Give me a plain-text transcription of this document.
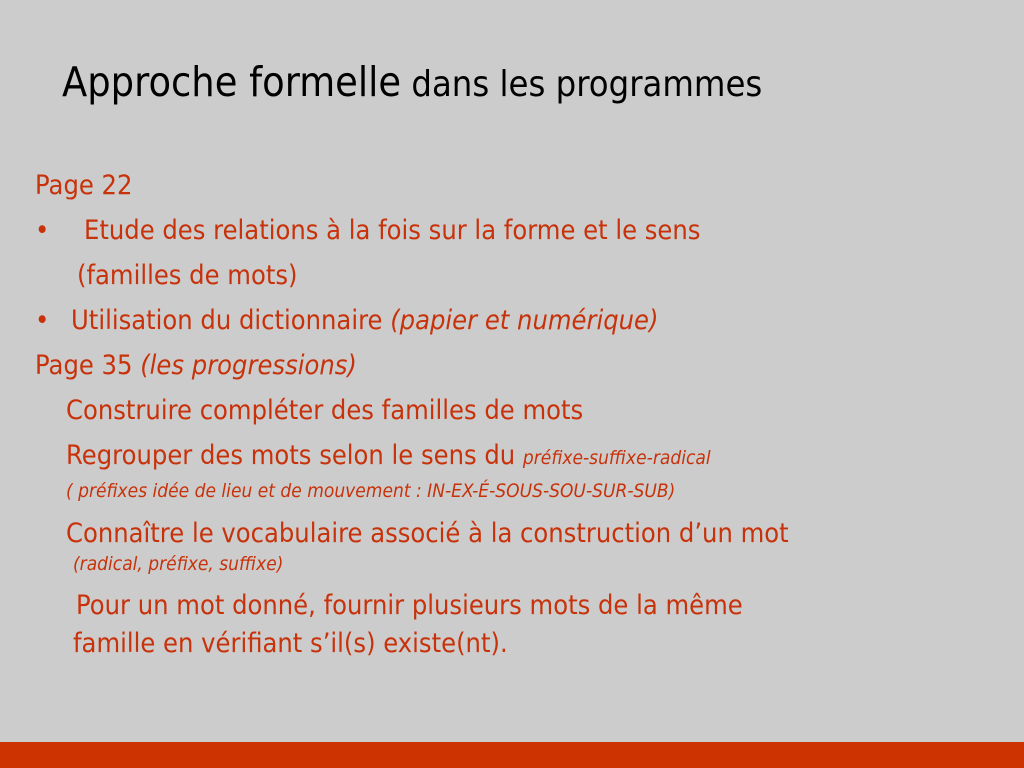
Approche formelle dans les programmes
Page 22
• Etude des relations à la fois sur la forme et le sens
(familles de mots)
• Utilisation du dictionnaire (papier et numérique)
Page 35 (les progressions)
Construire compléter des familles de mots
Regrouper des mots selon le sens du préfixe-suffixe-radical
( préfixes idée de lieu et de mouvement : IN-EX-É-SOUS-SOU-SUR-SUB)
Connaître le vocabulaire associé à la construction d’un mot
(radical, préfixe, suffixe)
Pour un mot donné, fournir plusieurs mots de la même
famille en vérifiant s’il(s) existe(nt).
